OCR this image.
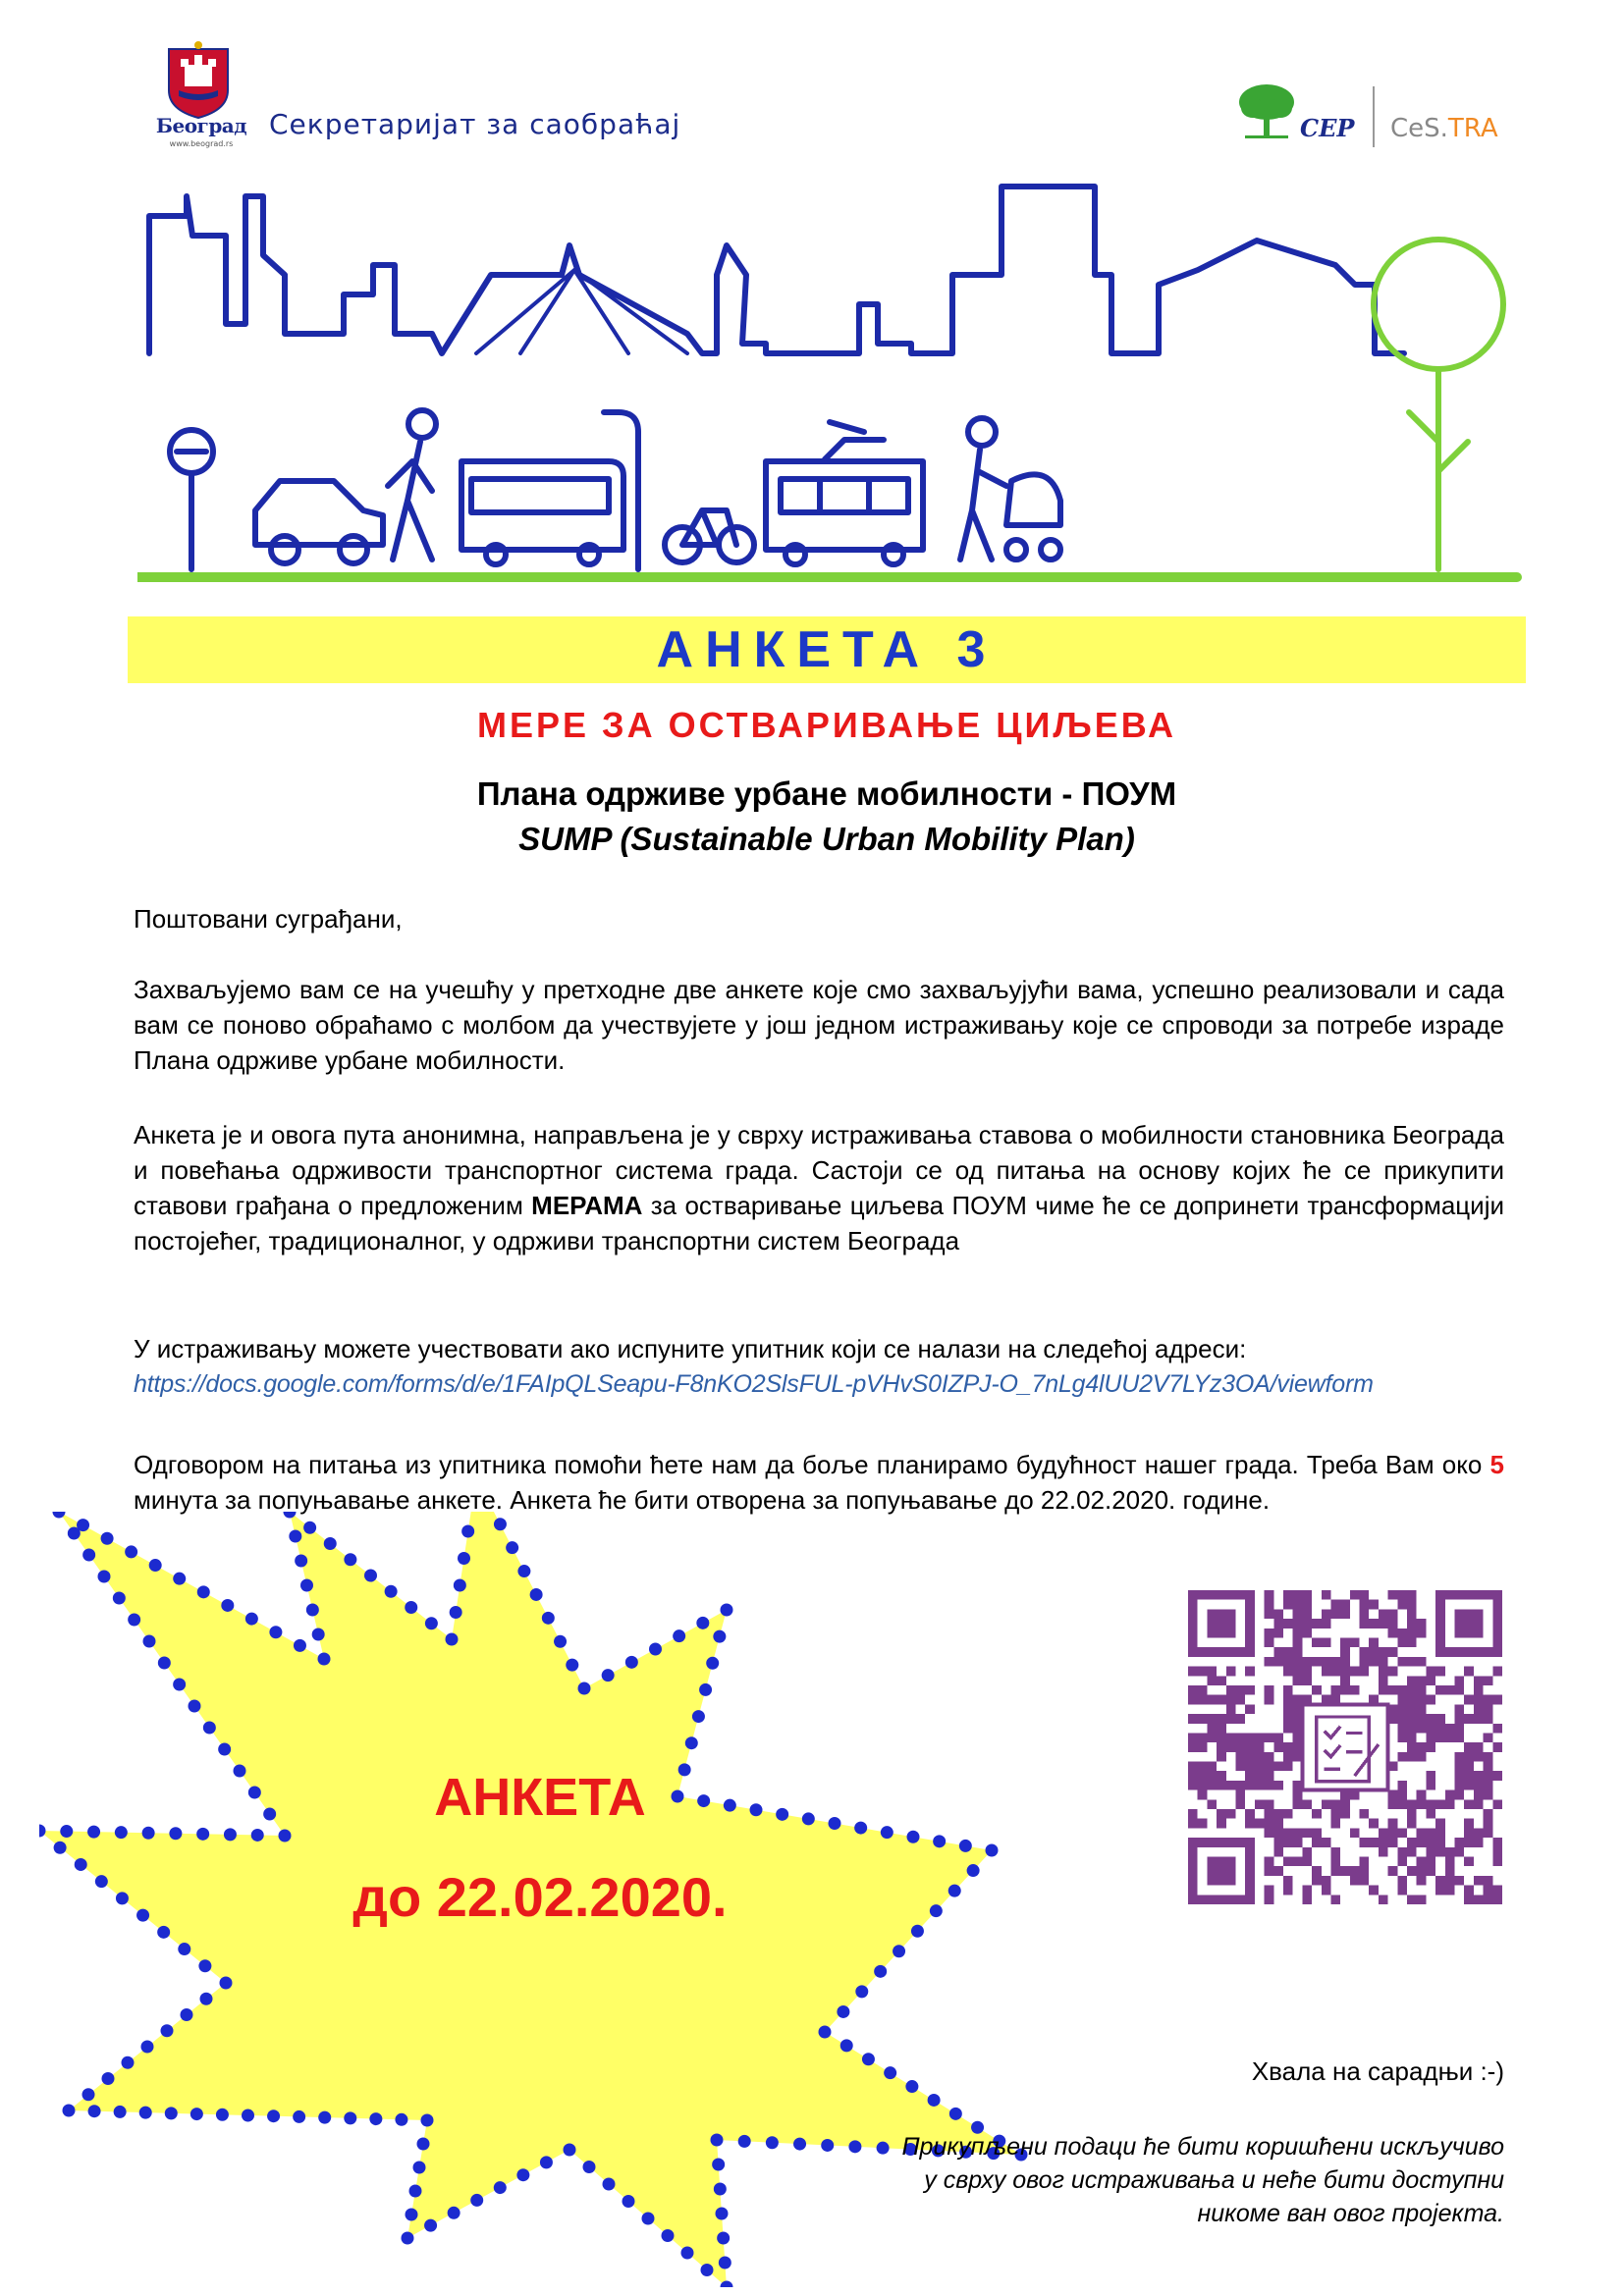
Београд
www.beograd.rs
Секретаријат за саобраћај	CEP CeS.TRA
АНКЕТА 3
МЕРЕ ЗА ОСТВАРИВАЊЕ ЦИЉЕВА
Плана одрживе урбане мобилности - ПОУМ
SUMP (Sustainable Urban Mobility Plan)
Поштовани суграђани,
Захваљујемо вам се на учешћу у претходне две анкете које смо захваљујући вама, успешно реализовали и сада вам се поново обраћамо с молбом да учествујете у још једном истраживању које се спроводи за потребе израде Плана одрживе урбане мобилности.
Анкета је и овога пута анонимна, направљена је у сврху истраживања ставова о мобилности становника Београда и повећања одрживости транспортног система града. Састоји се од питања на основу којих ће се прикупити ставови грађана о предложеним МЕРАМА за остваривање циљева ПОУМ чиме ће се допринети трансформацији постојећег, традиционалног, у одрживи транспортни систем Београда
У истраживању можете учествовати ако испуните упитник који се налази на следећој адреси:
https://docs.google.com/forms/d/e/1FAIpQLSeapu-F8nKO2SlsFUL-pVHvS0IZPJ-O_7nLg4lUU2V7LYz3OA/viewform
Одговором на питања из упитника помоћи ћете нам да боље планирамо будућност нашег града. Треба Вам око 5 минута за попуњавање анкете. Анкета ће бити отворена за попуњавање до 22.02.2020. године.
АНКЕТА
до 22.02.2020.
Хвала на сарадњи :-)
Прикупљени подаци ће бити коришћени искључиво у сврху овог истраживања и неће бити доступни никоме ван овог пројекта.
